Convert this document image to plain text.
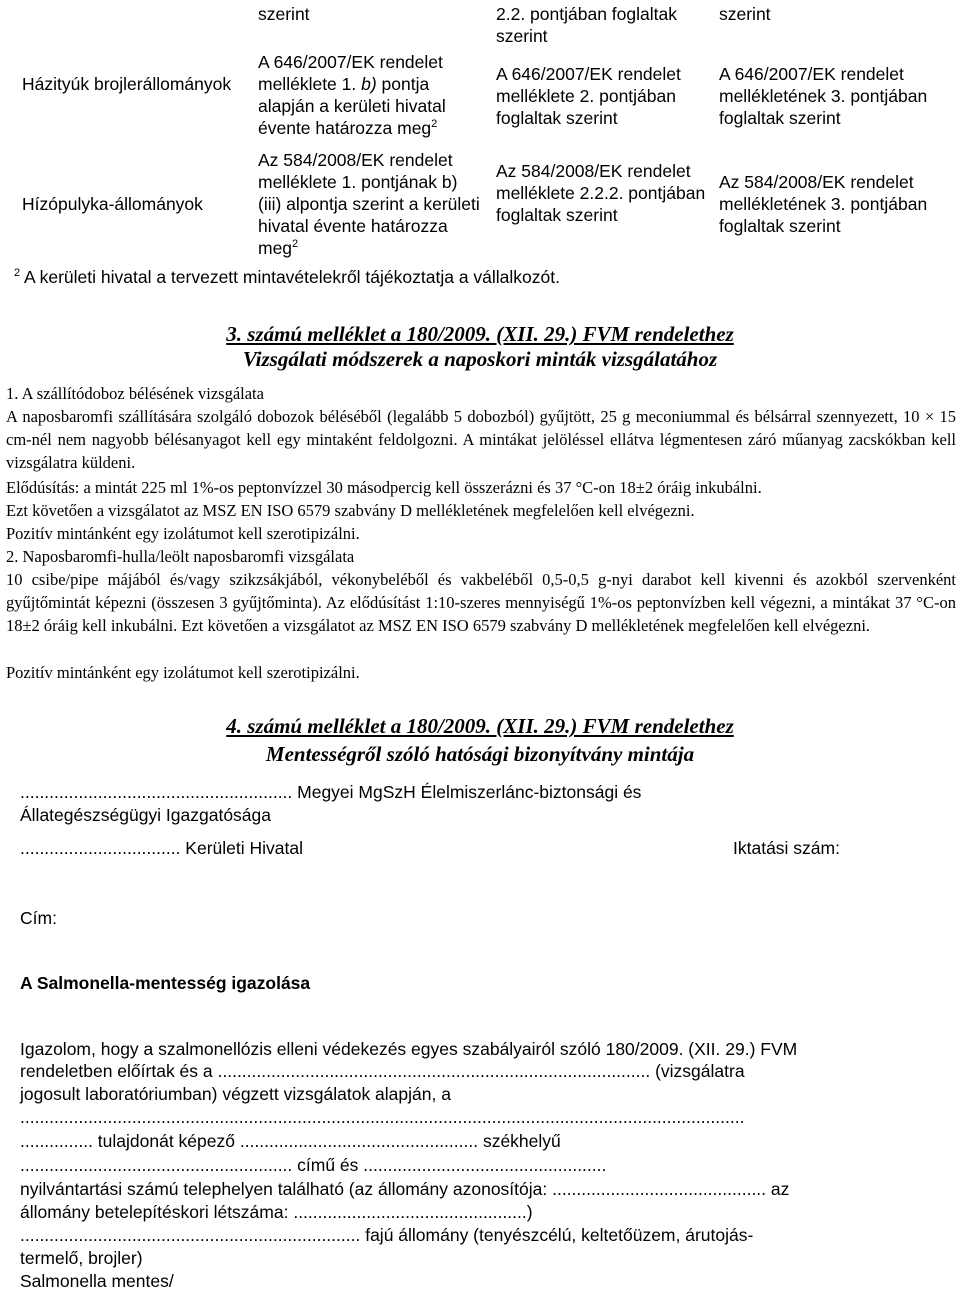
szerint	2.2. pontjában foglaltak szerint
szerint
Házityúk brojlerállományok
A 646/2007/EK rendelet melléklete 1. b) pontja alapján a kerületi hivatal évente határozza meg$^2$
A 646/2007/EK rendelet melléklete 2. pontjában foglaltak szerint
A 646/2007/EK rendelet mellékletének 3. pontjában foglaltak szerint
Hízópulyka-állományok
Az 584/2008/EK rendelet melléklete 1. pontjának b) (iii) alpontja szerint a kerületi hivatal évente határozza meg$^2$
Az 584/2008/EK rendelet melléklete 2.2.2. pontjában foglaltak szerint
Az 584/2008/EK rendelet mellékletének 3. pontjában foglaltak szerint
$^2$ A kerületi hivatal a tervezett mintavételekről tájékoztatja a vállalkozót.
3. számú melléklet a 180/2009. (XII. 29.) FVM rendelethez
Vizsgálati módszerek a naposkori minták vizsgálatához
1. A szállítódoboz bélésének vizsgálata
A naposbaromfi szállítására szolgáló dobozok béléséből (legalább 5 dobozból) gyűjtött, 25 g meconiummal és bélsárral szennyezett, 10 × 15 cm-nél nem nagyobb bélésanyagot kell egy mintaként feldolgozni. A mintákat jelöléssel ellátva légmentesen záró műanyag zacskókban kell vizsgálatra küldeni.
Elődúsítás: a mintát 225 ml 1%-os peptonvízzel 30 másodpercig kell összerázni és 37 °C-on 18±2 óráig inkubálni.
Ezt követően a vizsgálatot az MSZ EN ISO 6579 szabvány D mellékletének megfelelően kell elvégezni.
Pozitív mintánként egy izolátumot kell szerotipizálni.
2. Naposbaromfi-hulla/leölt naposbaromfi vizsgálata
10 csibe/pipe májából és/vagy szikzsákjából, vékonybeléből és vakbeléből 0,5-0,5 g-nyi darabot kell kivenni és azokból szervenként gyűjtőmintát képezni (összesen 3 gyűjtőminta). Az elődúsítást 1:10-szeres mennyiségű 1%-os peptonvízben kell végezni, a mintákat 37 °C-on 18±2 óráig kell inkubálni. Ezt követően a vizsgálatot az MSZ EN ISO 6579 szabvány D mellékletének megfelelően kell elvégezni.
Pozitív mintánként egy izolátumot kell szerotipizálni.
4. számú melléklet a 180/2009. (XII. 29.) FVM rendelethez
Mentességről szóló hatósági bizonyítvány mintája
........................................................ Megyei MgSzH Élelmiszerlánc-biztonsági és
Állategészségügyi Igazgatósága
................................. Kerületi Hivatal	Iktatási szám:
Cím:
A Salmonella-mentesség igazolása
Igazolom, hogy a szalmonellózis elleni védekezés egyes szabályairól szóló 180/2009. (XII. 29.) FVM
rendeletben előírtak és a ......................................................................................... (vizsgálatra
jogosult laboratóriumban) végzett vizsgálatok alapján, a
.....................................................................................................................................................
............... tulajdonát képező ................................................. székhelyű
........................................................ című és ..................................................
nyilvántartási számú telephelyen található (az állomány azonosítója: ............................................ az
állomány betelepítéskori létszáma: ................................................)
...................................................................... fajú állomány (tenyészcélú, keltetőüzem, árutojás-
termelő, brojler)
Salmonella mentes/
